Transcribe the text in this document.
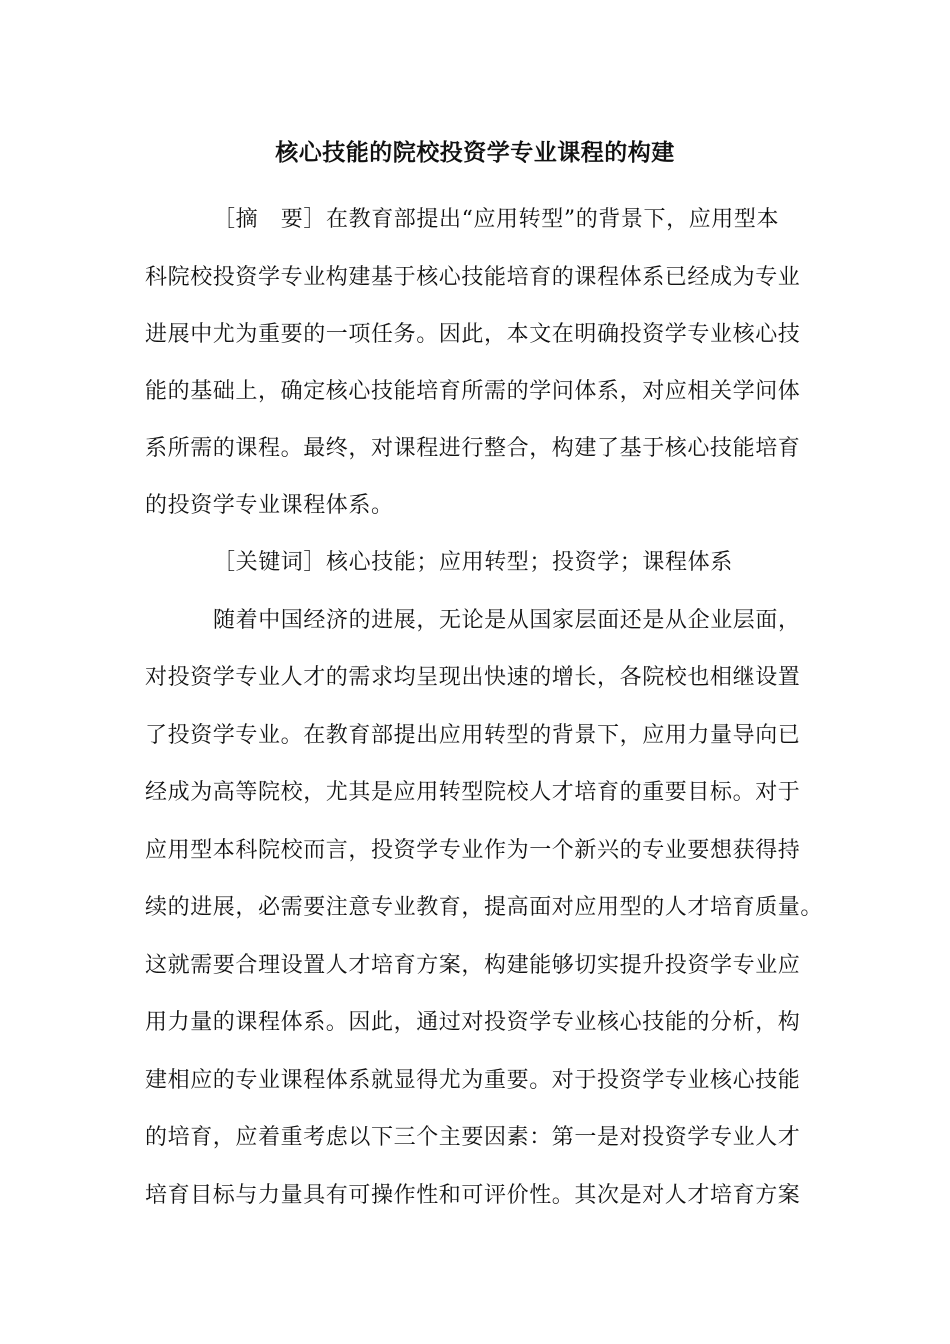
核心技能的院校投资学专业课程的构建

［摘　要］在教育部提出“应用转型”的背景下，应用型本

科院校投资学专业构建基于核心技能培育的课程体系已经成为专业

进展中尤为重要的一项任务。因此，本文在明确投资学专业核心技

能的基础上，确定核心技能培育所需的学问体系，对应相关学问体

系所需的课程。最终，对课程进行整合，构建了基于核心技能培育

的投资学专业课程体系。

［关键词］核心技能；应用转型；投资学；课程体系

随着中国经济的进展，无论是从国家层面还是从企业层面，

对投资学专业人才的需求均呈现出快速的增长，各院校也相继设置

了投资学专业。在教育部提出应用转型的背景下，应用力量导向已

经成为高等院校，尤其是应用转型院校人才培育的重要目标。对于

应用型本科院校而言，投资学专业作为一个新兴的专业要想获得持

续的进展，必需要注意专业教育，提高面对应用型的人才培育质量。

这就需要合理设置人才培育方案，构建能够切实提升投资学专业应

用力量的课程体系。因此，通过对投资学专业核心技能的分析，构

建相应的专业课程体系就显得尤为重要。对于投资学专业核心技能

的培育，应着重考虑以下三个主要因素：第一是对投资学专业人才

培育目标与力量具有可操作性和可评价性。其次是对人才培育方案
